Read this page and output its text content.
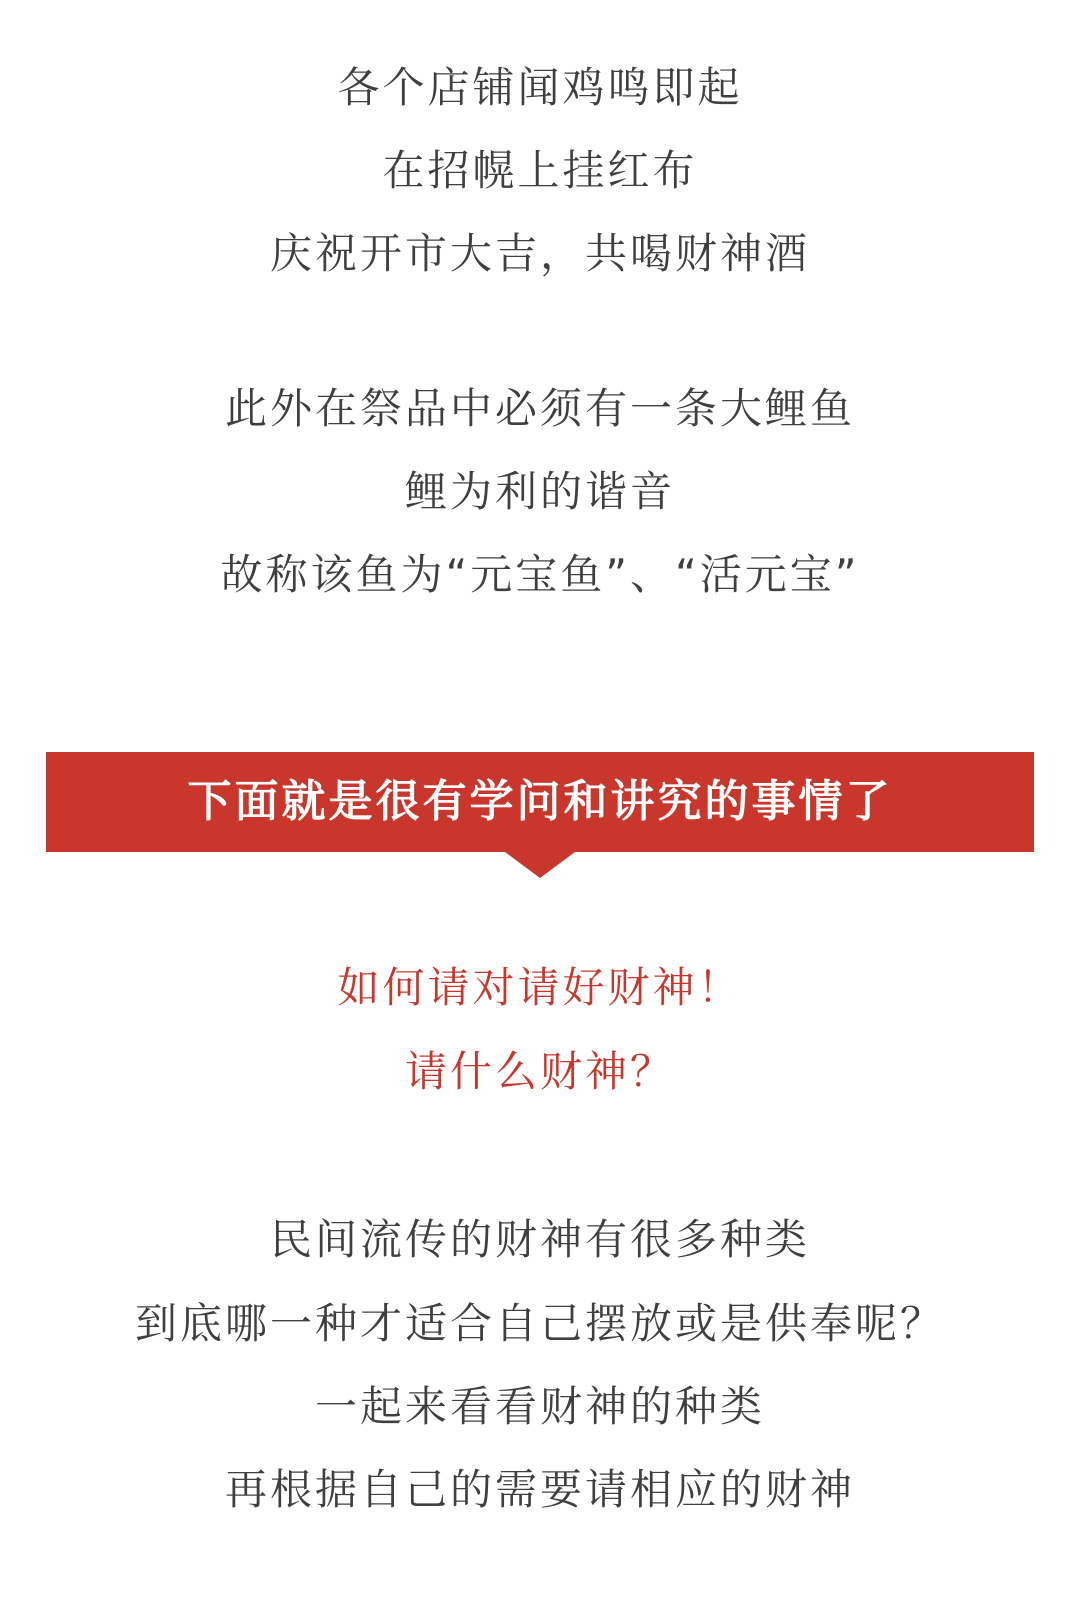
各个店铺闻鸡鸣即起
在招幌上挂红布
庆祝开市大吉，共喝财神酒
此外在祭品中必须有一条大鲤鱼
鲤为利的谐音
故称该鱼为“元宝鱼”、“活元宝”
下面就是很有学问和讲究的事情了
如何请对请好财神！
请什么财神？
民间流传的财神有很多种类
到底哪一种才适合自己摆放或是供奉呢？
一起来看看财神的种类
再根据自己的需要请相应的财神
